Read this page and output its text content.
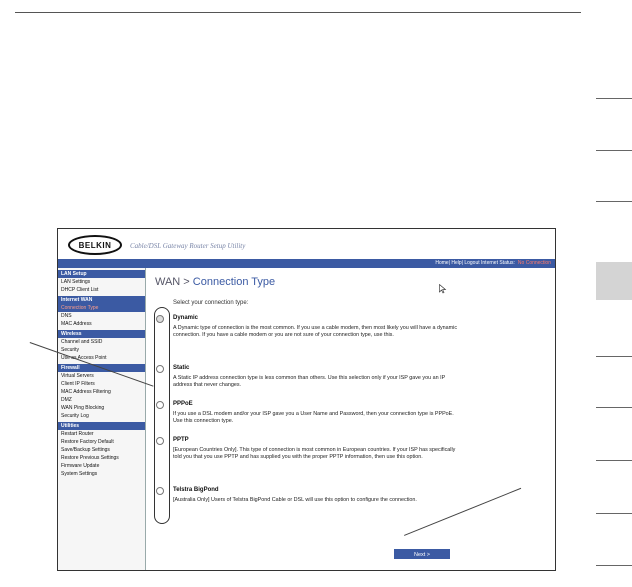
BELKIN	Cable/DSL Gateway Router Setup Utility
Home| Help| Logout Internet Status: No Connection
LAN Setup
LAN Settings
DHCP Client List
Internet WAN
Connection Type
DNS
MAC Address
Wireless
Channel and SSID
Security
Use as Access Point
Firewall
Virtual Servers
Client IP Filters
MAC Address Filtering
DMZ
WAN Ping Blocking
Security Log
Utilities
Restart Router
Restore Factory Default
Save/Backup Settings
Restore Previous Settings
Firmware Update
System Settings
WAN > Connection Type
Select your connection type:
Dynamic
A Dynamic type of connection is the most common. If you use a cable modem, then most likely you will have a dynamic connection. If you have a cable modem or you are not sure of your connection type, use this.
Static
A Static IP address connection type is less common than others. Use this selection only if your ISP gave you an IP address that never changes.
PPPoE
If you use a DSL modem and/or your ISP gave you a User Name and Password, then your connection type is PPPoE. Use this connection type.
PPTP
[European Countries Only]. This type of connection is most common in European countries. If your ISP has specifically told you that you use PPTP and has supplied you with the proper PPTP information, then use this option.
Telstra BigPond
[Australia Only] Users of Telstra BigPond Cable or DSL will use this option to configure the connection.
Next >
